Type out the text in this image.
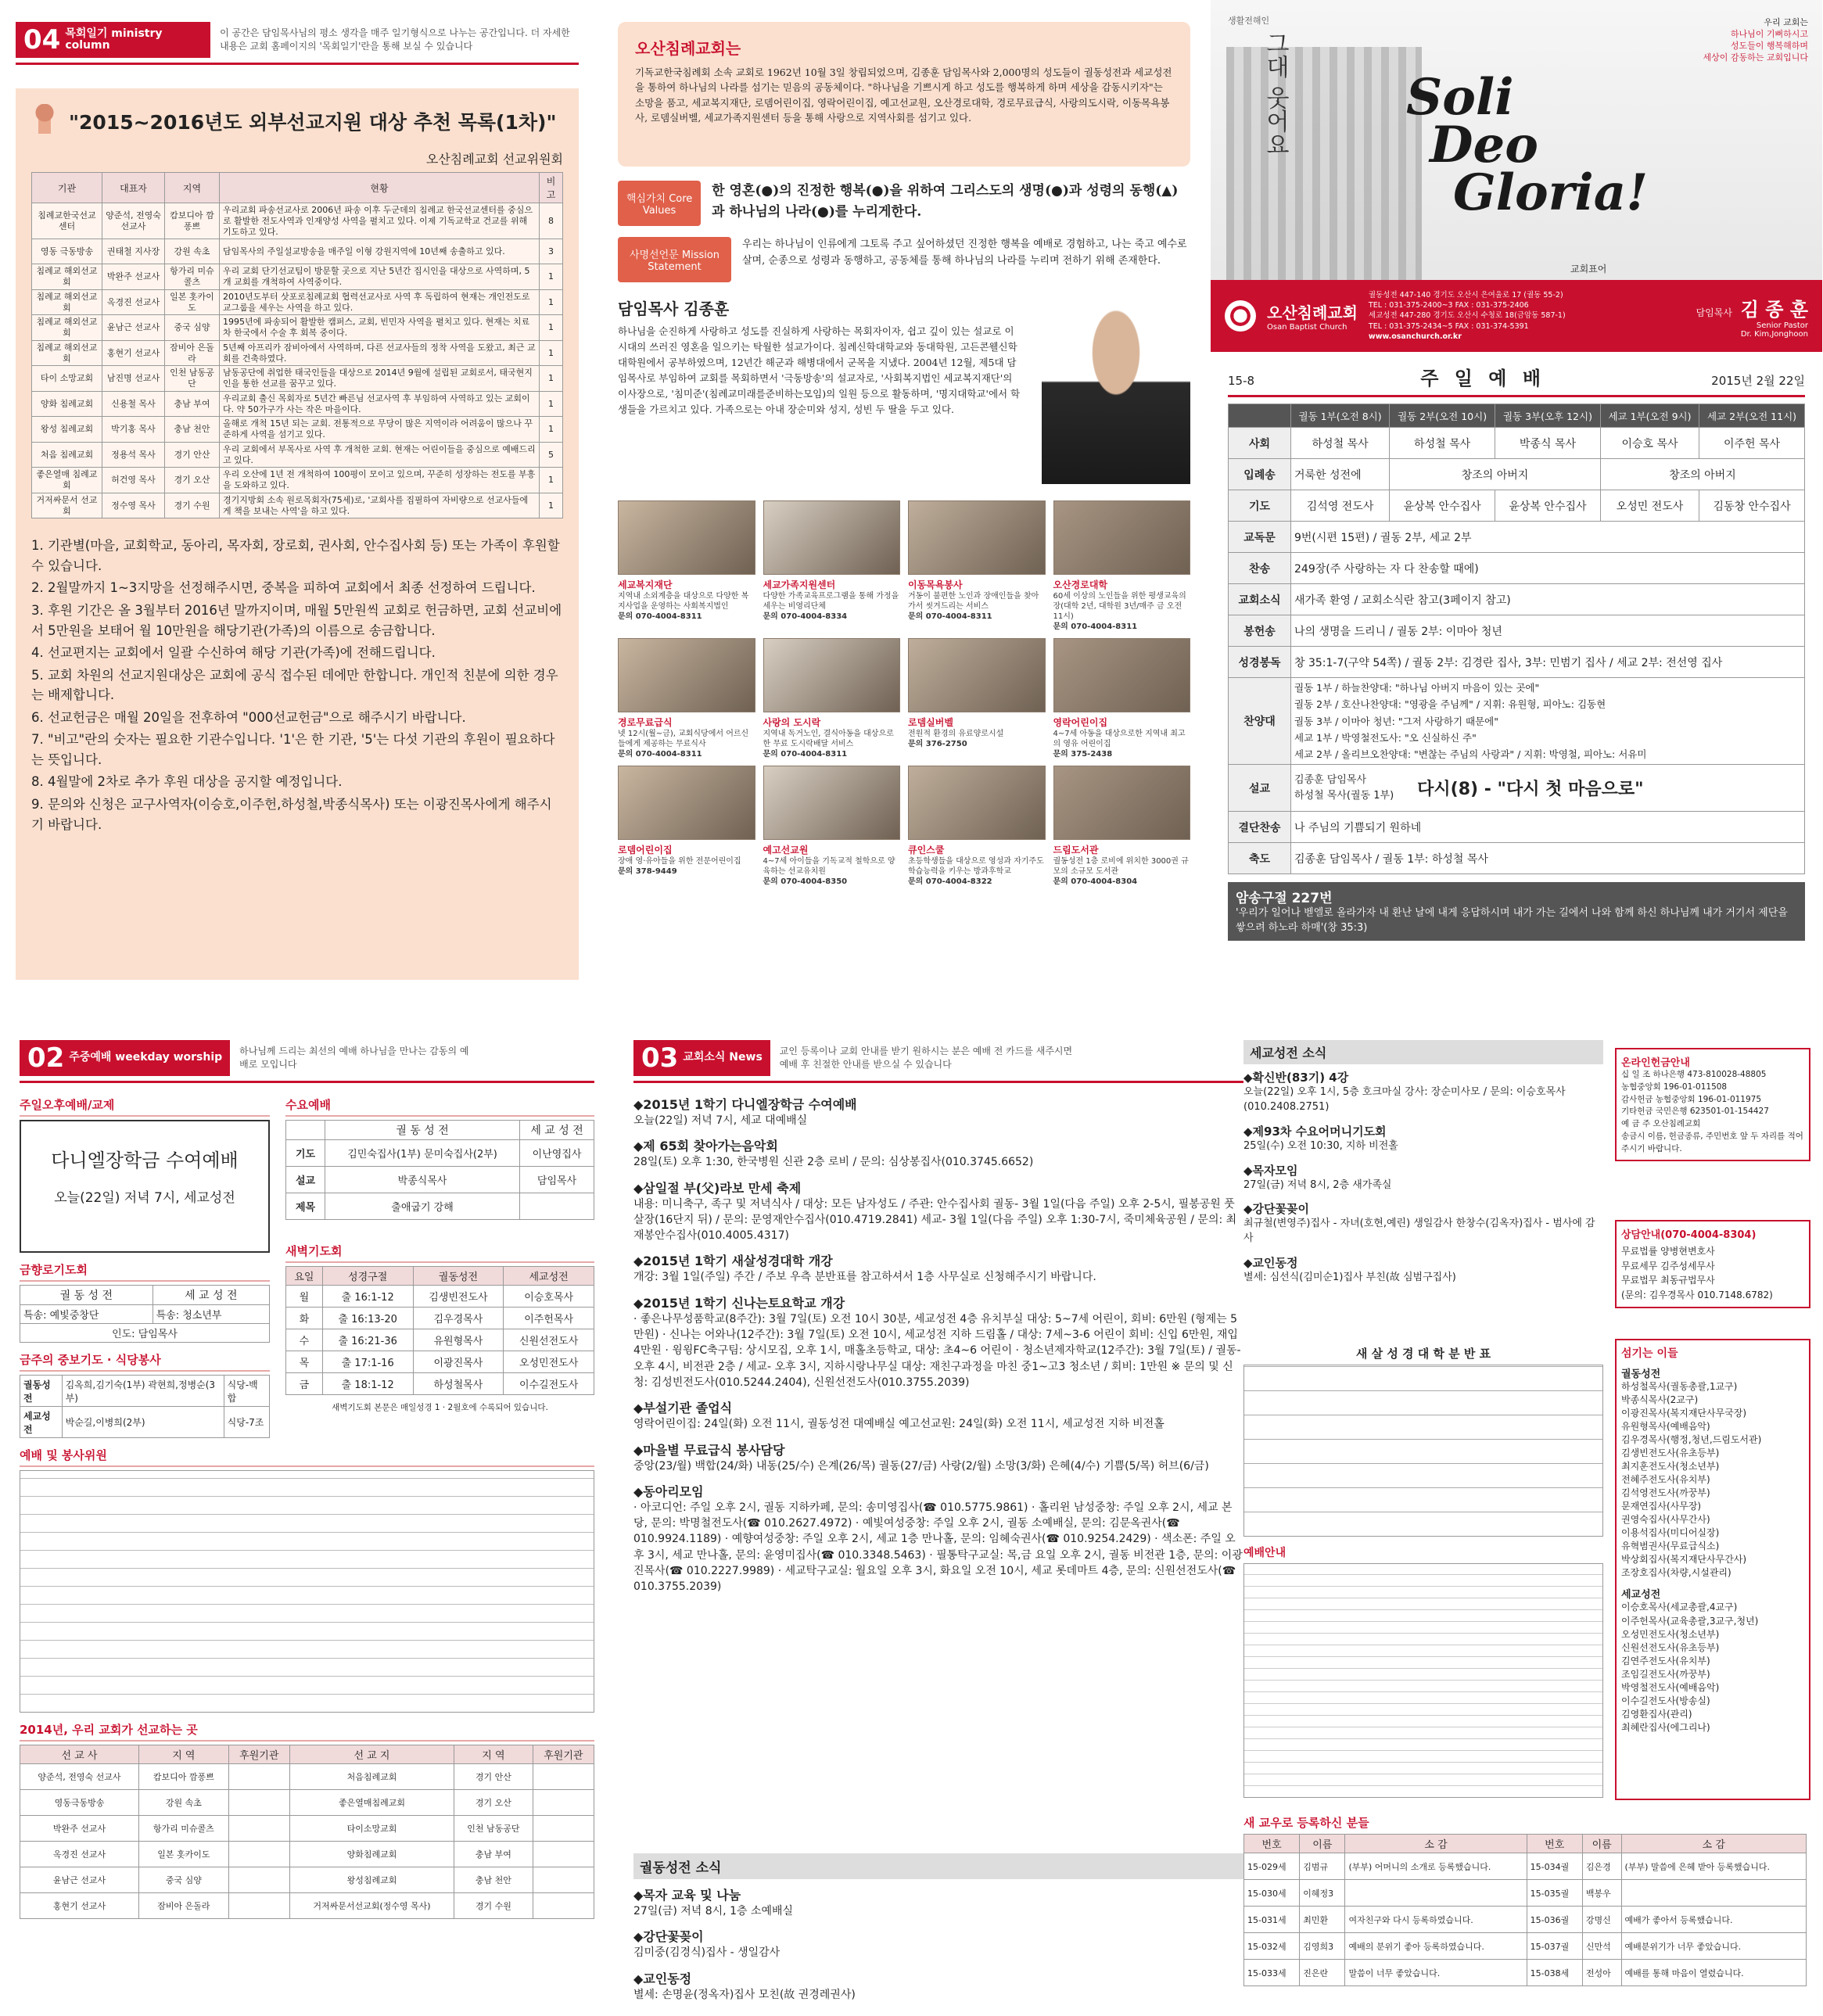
04 목회일기 ministry column
이 공간은 담임목사님의 평소 생각을 매주 일기형식으로 나누는 공간입니다. 더 자세한 내용은 교회 홈페이지의 '목회일기'란을 통해 보실 수 있습니다
"2015~2016년도 외부선교지원 대상 추천 목록(1차)"
오산침례교회 선교위원회
기관	대표자	지역	현황	비고
침례교한국선교센터	양준석, 전영숙 선교사	캄보디아 깜퐁쁘	우리교회 파송선교사로 2006년 파송 이후 두군데의 침례교 한국선교센터를 중심으로 활발한 전도사역과 인재양성 사역을 펼치고 있다. 이제 기독교학교 건교를 위해 기도하고 있다.	8
영동 극동방송	권태철 지사장	강원 속초	담임목사의 주일설교방송을 매주일 이형 강원지역에 10년째 송출하고 있다.	3
침례교 해외선교회	박완주 선교사	항가리 미슈콜츠	우리 교회 단기선교팀이 방문할 곳으로 지난 5년간 집시인을 대상으로 사역하며, 5개 교회를 개척하여 사역중이다.	1
침례교 해외선교회	옥경진 선교사	일본 홋카이도	2010년도부터 삿포로침례교회 협력선교사로 사역 후 독립하여 현재는 개인전도로 교그룹을 세우는 사역을 하고 있다.	1
침례교 해외선교회	윤남근 선교사	중국 심양	1995년에 파송되어 활발한 캠퍼스, 교회, 빈민자 사역을 펼치고 있다. 현재는 치료차 한국에서 수술 후 회복 중이다.	1
침례교 해외선교회	홍현기 선교사	잠비아 은돌라	5년째 아프리카 잠비아에서 사역하며, 다른 선교사들의 정착 사역을 도왔고, 최근 교회를 건축하였다.	1
타이 소망교회	남진명 선교사	인천 남동공단	남동공단에 취업한 태국인들을 대상으로 2014년 9월에 설립된 교회로서, 태국현지인을 통한 선교를 꿈꾸고 있다.	1
양화 침례교회	신용철 목사	충남 부여	우리교회 출신 목회자로 5년간 빠른님 선교사역 후 부임하여 사역하고 있는 교회이다. 약 50가구가 사는 작은 마을이다.	1
왕성 침례교회	박기홍 목사	충남 천안	올해로 개척 15년 되는 교회. 전통적으로 무당이 많은 지역이라 어려움이 많으나 꾸준하게 사역을 섬기고 있다.	1
처음 침례교회	정용석 목사	경기 안산	우리 교회에서 부목사로 사역 후 개척한 교회. 현재는 어린이들을 중심으로 예배드리고 있다.	5
좋은열매 침례교회	허건영 목사	경기 오산	우리 오산에 1년 전 개척하여 100평이 모이고 있으며, 꾸준히 성장하는 전도를 부흥을 도와하고 있다.	1
거저싸문서 선교회	정수영 목사	경기 수원	경기지방회 소속 원로목회자(75세)로, '교회사를 집필하여 자비량으로 선교사들에게 책을 보내는 사역'을 하고 있다.	1
1. 기관별(마을, 교회학교, 동아리, 목자회, 장로회, 권사회, 안수집사회 등) 또는 가족이 후원할 수 있습니다.
2. 2월말까지 1~3지망을 선정해주시면, 중복을 피하여 교회에서 최종 선정하여 드립니다.
3. 후원 기간은 올 3월부터 2016년 말까지이며, 매월 5만원씩 교회로 헌금하면, 교회 선교비에서 5만원을 보태어 월 10만원을 해당기관(가족)의 이름으로 송금합니다.
4. 선교편지는 교회에서 일괄 수신하여 해당 기관(가족)에 전해드립니다.
5. 교회 차원의 선교지원대상은 교회에 공식 접수된 데에만 한합니다. 개인적 친분에 의한 경우는 배제합니다.
6. 선교헌금은 매월 20일을 전후하여 "000선교헌금"으로 해주시기 바랍니다.
7. "비고"란의 숫자는 필요한 기관수입니다. '1'은 한 기관, '5'는 다섯 기관의 후원이 필요하다는 뜻입니다.
8. 4월말에 2차로 추가 후원 대상을 공지할 예정입니다.
9. 문의와 신청은 교구사역자(이승호,이주헌,하성철,박종식목사) 또는 이광진목사에게 해주시기 바랍니다.
오산침례교회는
기독교한국침례회 소속 교회로 1962년 10월 3일 창립되었으며, 김종훈 담임목사와 2,000명의 성도들이 궐동성전과 세교성전을 통하여 하나님의 나라를 섬기는 믿음의 공동체이다. "하나님을 기쁘시게 하고 성도를 행복하게 하며 세상을 감동시키자"는 소망을 품고, 세교복지재단, 로뎀어린이집, 영락어린이집, 예고선교원, 오산경로대학, 경로무료급식, 사랑의도시락, 이동목욕봉사, 로뎀실버벨, 세교가족지원센터 등을 통해 사랑으로 지역사회를 섬기고 있다.
핵심가치 Core Values
한 영혼(●)의 진정한 행복(●)을 위하여 그리스도의 생명(●)과 성령의 동행(▲)과 하나님의 나라(●)를 누리게한다.
사명선언문 Mission Statement
우리는 하나님이 인류에게 그토록 주고 싶어하셨던 진정한 행복을 예배로 경험하고, 나는 죽고 예수로 살며, 순종으로 성령과 동행하고, 공동체를 통해 하나님의 나라를 누리며 전하기 위해 존재한다.
담임목사 김종훈
하나님을 순진하게 사랑하고 성도를 진실하게 사랑하는 목회자이자, 쉽고 깊이 있는 설교로 이 시대의 쓰러진 영혼을 일으키는 탁월한 설교가이다. 침례신학대학교와 동대학원, 고든콘웰신학대학원에서 공부하였으며, 12년간 해군과 해병대에서 군목을 지냈다. 2004년 12월, 제5대 담임목사로 부임하여 교회를 목회하면서 '극동방송'의 설교자로, '사회복지법인 세교복지재단'의 이사장으로, '침미준'(침례교미래를준비하는모임)의 일원 등으로 활동하며, '명지대학교'에서 학생들을 가르치고 있다. 가족으로는 아내 장순미와 성지, 성빈 두 딸을 두고 있다.
세교복지재단
지역내 소외계층을 대상으로 다양한 복지사업을 운영하는 사회복지법인
문의 070-4004-8311
세교가족지원센터
다양한 가족교육프로그램을 통해 가정을 세우는 비영리단체
문의 070-4004-8334
이동목욕봉사
거동이 불편한 노인과 장애인들을 찾아가서 씻겨드리는 서비스
문의 070-4004-8311
오산경로대학
60세 이상의 노인들을 위한 평생교육의 장(대학 2년, 대학원 3년/매주 금 오전 11시)
문의 070-4004-8311
경로무료급식
넷 12시(월~금), 교회식당에서 어르신들에게 제공하는 무료식사
문의 070-4004-8311
사랑의 도시락
지역내 독거노인, 결식아동을 대상으로 한 무료 도시락배달 서비스
문의 070-4004-8311
로뎀실버벨
전원적 환경의 유료양로시설
문의 376-2750
영락어린이집
4~7세 아동을 대상으로한 지역내 최고의 영유 어린이집
문의 375-2438
로뎀어린이집
장애 영·유아들을 위한 전문어린이집
문의 378-9449
예고선교원
4~7세 아이들을 기독교적 철학으로 양육하는 선교유치원
문의 070-4004-8350
큐인스쿨
초등학생들을 대상으로 영성과 자기주도 학습능력을 키우는 방과후학교
문의 070-4004-8322
드림도서관
궐동성전 1층 로비에 위치한 3000권 규모의 소규모 도서관
문의 070-4004-8304
생활전해인
그대 웃어요
우리 교회는
하나님이 기뻐하시고
성도들이 행복해하며
세상이 감동하는 교회입니다
Soli
Deo
Gloria!
교회표어
오산침례교회
Osan Baptist Church
궐동성전 447-140 경기도 오산시 은여울로 17 (궐동 55-2)
TEL : 031-375-2400~3 FAX : 031-375-2406
세교성전 447-280 경기도 오산시 수청로 18(금암동 587-1)
TEL : 031-375-2434~5 FAX : 031-374-5391
www.osanchurch.or.kr
담임목사 김 종 훈
Senior Pastor
Dr. Kim,Jonghoon
15-8	주 일 예 배	2015년 2월 22일
	궐동 1부(오전 8시)	궐동 2부(오전 10시)	궐동 3부(오후 12시)	세교 1부(오전 9시)	세교 2부(오전 11시)
사회	하성철 목사	하성철 목사	박종식 목사	이승호 목사	이주헌 목사
입례송	거룩한 성전에	창조의 아버지		창조의 아버지	
기도	김석영 전도사	윤상복 안수집사	윤상복 안수집사	오성민 전도사	김동창 안수집사
교독문	9번(시편 15편) / 궐동 2부, 세교 2부				
찬송	249장(주 사랑하는 자 다 찬송할 때에)				
교회소식	새가족 환영 / 교회소식란 참고(3페이지 참고)				
봉헌송	나의 생명을 드리니 / 궐동 2부: 이마아 청년				
성경봉독	창 35:1-7(구약 54쪽) / 궐동 2부: 김경란 집사, 3부: 민범기 집사 / 세교 2부: 전선영 집사				
찬양대	궐동 1부 / 하늘찬양대: "하나님 아버지 마음이 있는 곳에"
궐동 2부 / 호산나찬양대: "영광을 주님께" / 지휘: 유원형, 피아노: 김동현
궐동 3부 / 이마아 청년: "그저 사랑하기 때문에"
세교 1부 / 박영철전도사: "오 신실하신 주"
세교 2부 / 올리브오찬양대: "변찮는 주님의 사랑과" / 지휘: 박영철, 피아노: 서유미				

설교	김종훈 담임목사
하성철 목사(궐동 1부) 다시(8) - "다시 첫 마음으로"				

결단찬송	나 주님의 기쁨되기 원하네				
축도	김종훈 담임목사 / 궐동 1부: 하성철 목사				
암송구절 227번
'우리가 일어나 벧엘로 올라가자 내 환난 날에 내게 응답하시며 내가 가는 길에서 나와 함께 하신 하나님께 내가 거기서 제단을 쌓으려 하노라 하매'(창 35:3)
02 주중예배 weekday worship
하나님께 드리는 최선의 예배 하나님을 만나는 감동의 예배로 모입니다
주일오후예배/교제
다니엘장학금 수여예배
오늘(22일) 저녁 7시, 세교성전
금향로기도회
궐 동 성 전	세 교 성 전
특송: 예빛중창단	특송: 청소년부
인도: 담임목사	
금주의 중보기도 · 식당봉사
궐동성전	김옥희,김기숙(1부) 곽현희,정병순(3부)	식당-백합
세교성전	박순길,이병희(2부)	식당-7조
수요예배
	궐 동 성 전	세 교 성 전
기도	김민숙집사(1부) 문미숙집사(2부)	이난영집사
설교	박종식목사	담임목사
제목	출애굽기 강해	
새벽기도회
요일	성경구절	궐동성전	세교성전
월	출 16:1-12	김생빈전도사	이승호목사
화	출 16:13-20	김우경목사	이주헌목사
수	출 16:21-36	유원형목사	신원선전도사
목	출 17:1-16	이광진목사	오성민전도사
금	출 18:1-12	하성철목사	이수길전도사
새벽기도회 본문은 매일성경 1 · 2월호에 수록되어 있습니다.
예배 및 봉사위원
2014년, 우리 교회가 선교하는 곳
선 교 사	지 역	후원기관	선 교 지	지 역	후원기관
양준석, 전영숙 선교사	캄보디아 깜퐁쁘		처음침례교회	경기 안산	
영동극동방송	강원 속초		좋은열매침례교회	경기 오산	
박완주 선교사	항가리 미슈콜츠		타이소망교회	인천 남동공단	
옥경진 선교사	일본 홋카이도		양화침례교회	충남 부여	
윤남근 선교사	중국 심양		왕성침례교회	충남 천안	
홍현기 선교사	잠비아 은돌라		거저싸문서선교회(정수영 목사)	경기 수원	
03 교회소식 News
교인 등록이나 교회 안내를 받기 원하시는 분은 예배 전 카드를 새주시면 예배 후 친절한 안내를 받으실 수 있습니다
◆2015년 1학기 다니엘장학금 수여예배
오늘(22일) 저녁 7시, 세교 대예배실
◆제 65회 찾아가는음악회
28일(토) 오후 1:30, 한국병원 신관 2층 로비 / 문의: 심상봉집사(010.3745.6652)
◆삼일절 부(父)라보 만세 축제
내용: 미니축구, 족구 및 저녁식사 / 대상: 모든 남자성도 / 주관: 안수집사회 궐동- 3월 1일(다음 주일) 오후 2-5시, 필봉공원 풋살장(16단지 뒤) / 문의: 문영재안수집사(010.4719.2841) 세교- 3월 1일(다음 주일) 오후 1:30-7시, 죽미체육공원 / 문의: 최재봉안수집사(010.4005.4317)
◆2015년 1학기 새살성경대학 개강
개강: 3월 1일(주일) 주간 / 주보 우측 분반표를 참고하셔서 1층 사무실로 신청해주시기 바랍니다.
◆2015년 1학기 신나는토요학교 개강
· 좋은나무성품학교(8주간): 3월 7일(토) 오전 10시 30분, 세교성전 4층 유치부실 대상: 5~7세 어린이, 회비: 6만원 (형제는 5만원) · 신나는 어와나(12주간): 3월 7일(토) 오전 10시, 세교성전 지하 드림홀 / 대상: 7세~3-6 어린이 회비: 신입 6만원, 재입 4만원 · 윙윙FC축구팀: 상시모집, 오후 1시, 매홀초등학교, 대상: 초4~6 어린이 · 청소년제자학교(12주간): 3월 7일(토) / 궐동- 오후 4시, 비전관 2층 / 세교- 오후 3시, 지하시랑나무실 대상: 재친구과정을 마친 중1~고3 청소년 / 회비: 1만원 ※ 문의 및 신청: 김성빈전도사(010.5244.2404), 신원선전도사(010.3755.2039)
◆부설기관 졸업식
영락어린이집: 24일(화) 오전 11시, 궐동성전 대예배실 예고선교원: 24일(화) 오전 11시, 세교성전 지하 비전홀
◆마을별 무료급식 봉사담당
중앙(23/월) 백합(24/화) 내동(25/수) 은계(26/목) 궐동(27/금) 사랑(2/월) 소망(3/화) 은혜(4/수) 기쁨(5/목) 허브(6/금)
◆동아리모임
· 아코디언: 주일 오후 2시, 궐동 지하카페, 문의: 송미영집사(☎ 010.5775.9861) · 홀리윈 남성중창: 주일 오후 2시, 세교 본당, 문의: 박명철전도사(☎ 010.2627.4972) · 예빛여성중창: 주일 오후 2시, 궐동 소예배실, 문의: 김문옥권사(☎ 010.9924.1189) · 예향여성중창: 주일 오후 2시, 세교 1층 만나홀, 문의: 임혜숙권사(☎ 010.9254.2429) · 색소폰: 주일 오후 3시, 세교 만나홀, 문의: 윤영미집사(☎ 010.3348.5463) · 필통탁구교실: 목,금 요일 오후 2시, 궐동 비전관 1층, 문의: 이광진목사(☎ 010.2227.9989) · 세교탁구교실: 월요일 오후 3시, 화요일 오전 10시, 세교 롯데마트 4층, 문의: 신원선전도사(☎ 010.3755.2039)
궐동성전 소식
◆목자 교육 및 나눔
27일(금) 저녁 8시, 1층 소예배실
◆강단꽃꽂이
김미중(김경식)집사 - 생일감사
◆교인동정
별세: 손명윤(정옥자)집사 모친(故 권경레권사)
세교성전 소식
◆확신반(83기) 4강
오늘(22일) 오후 1시, 5층 호크마실 강사: 장순미사모 / 문의: 이승호목사(010.2408.2751)
◆제93차 수요어머니기도회
25일(수) 오전 10:30, 지하 비전홀
◆목자모임
27일(금) 저녁 8시, 2층 새가족실
◆강단꽃꽂이
최규철(변영주)집사 - 자녀(호현,예린) 생일감사 한창수(김옥자)집사 - 범사에 감사
◆교인동정
별세: 심선식(김미순1)집사 부친(故 심범구집사)
새 살 성 경 대 학 분 반 표
예배안내
새 교우로 등록하신 분들
번호	이름	소 감	번호	이름	소 감
15-029세	김범규	(부부) 어머니의 소개로 등록했습니다.	15-034궐	김은경	(부부) 말씀에 은혜 받아 등록했습니다.
15-030세	이혜정3		15-035궐	백봉우	
15-031세	최민환	여자친구와 다시 등록하였습니다.	15-036궐	강명신	예배가 좋아서 등록했습니다.
15-032세	김영희3	예배의 분위기 좋아 등록하였습니다.	15-037궐	신만석	예배분위기가 너무 좋았습니다.
15-033세	진은란	말씀이 너무 좋았습니다.	15-038세	전성아	예배를 통해 마음이 열렸습니다.
온라인헌금안내
십 일 조 하나은행 473-810028-48805
농협중앙회 196-01-011508
감사헌금 농협중앙회 196-01-011975
기타헌금 국민은행 623501-01-154427
예 금 주 오산침례교회
송금시 이름, 헌금종류, 주민번호 앞 두 자리를 적어주시기 바랍니다.
상담안내(070-4004-8304)
무료법률 양병현변호사
무료세무 김주성세무사
무료법무 최동규법무사
(문의: 김우경목사 010.7148.6782)
섬기는 이들
궐동성전
하성철목사(궐동총괄,1교구)
박종식목사(2교구)
이광진목사(복지재단사무국장)
유원형목사(예배음악)
김우경목사(행정,청년,드림도서관)
김생빈전도사(유초등부)
최지훈전도사(청소년부)
전혜주전도사(유치부)
김석영전도사(까꿍부)
문재연집사(사무장)
권영숙집사(사무간사)
이용석집사(미디어실장)
유혁범권사(무료급식소)
박상회집사(복지재단사무간사)
조장호집사(차량,시설관리)
세교성전
이승호목사(세교총괄,4교구)
이주헌목사(교육총괄,3교구,청년)
오성민전도사(청소년부)
신원선전도사(유초등부)
김연주전도사(유치부)
조임길전도사(까꿍부)
박영철전도사(예배음악)
이수길전도사(방송실)
김영환집사(관리)
최혜란집사(에그리나)
